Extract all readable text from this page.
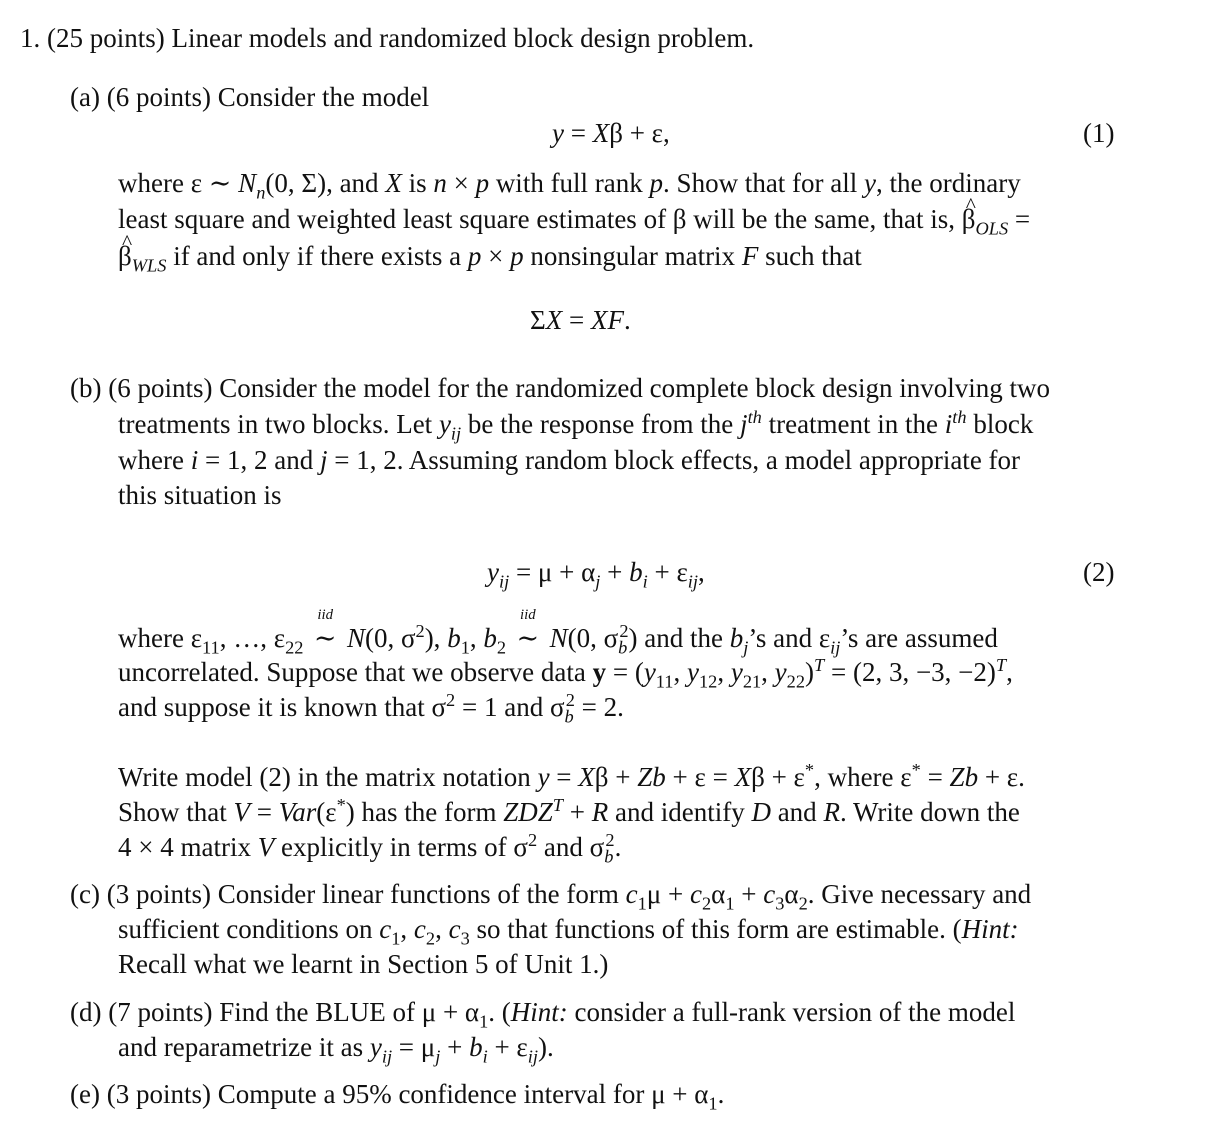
1. (25 points) Linear models and randomized block design problem.
(a) (6 points) Consider the model
y = Xβ + ε,	(1)
where ε ∼ $N_n(0$, Σ), and X is n × p with full rank p. Show that for all y, the ordinary
least square and weighted least square estimates of β will be the same, that is, ^ $\beta_{OLS}$ =
^ $\beta_{WLS}$ if and only if there exists a p × p nonsingular matrix F such that
ΣX = XF.
(b) (6 points) Consider the model for the randomized complete block design involving two
treatments in two blocks. Let $y_{ij}$ be the response from the $j^{th}$ treatment in the $i^{th}$ block
where i = 1, 2 and j = 1, 2. Assuming random block effects, a model appropriate for
this situation is
$y_{ij} = \mu + \alpha_j + b_i + \varepsilon_{ij}$,	(2)
where $\varepsilon_{11}$, …, $\varepsilon_{22}$
iid
∼ N(0, $\sigma^2$), $b_1$, $b_2$
iid
∼ N(0, $\sigma_b^2$) and the $b_j’s$ and $\varepsilon_{ij}’s$ are assumed
uncorrelated. Suppose that we observe data $y = (y_{11}$, $y_{12}$, $y_{21}$, $y_{22})^T = (2$, 3, −3, −2)$^T$,
and suppose it is known that $\sigma^2 = 1$ and $\sigma_b^2 = 2$.
Write model (2) in the matrix notation y = Xβ + Zb + ε = Xβ + ε*, where ε* = Zb + ε.
Show that V = Var(ε*) has the form $ZDZ^T + R$ and identify D and R. Write down the
4 × 4 matrix V explicitly in terms of $\sigma^2$ and $\sigma_b^2$.
(c) (3 points) Consider linear functions of the form $c_1\mu + c_2\alpha_1 + c_3\alpha_2$. Give necessary and
sufficient conditions on $c_1$, $c_2$, $c_3$ so that functions of this form are estimable. (Hint:
Recall what we learnt in Section 5 of Unit 1.)
(d) (7 points) Find the BLUE of $\mu + \alpha_1$. (Hint: consider a full-rank version of the model
and reparametrize it as $y_{ij} = \mu_j + b_i + \varepsilon_{ij}$).
(e) (3 points) Compute a 95% confidence interval for $\mu + \alpha_1$.
